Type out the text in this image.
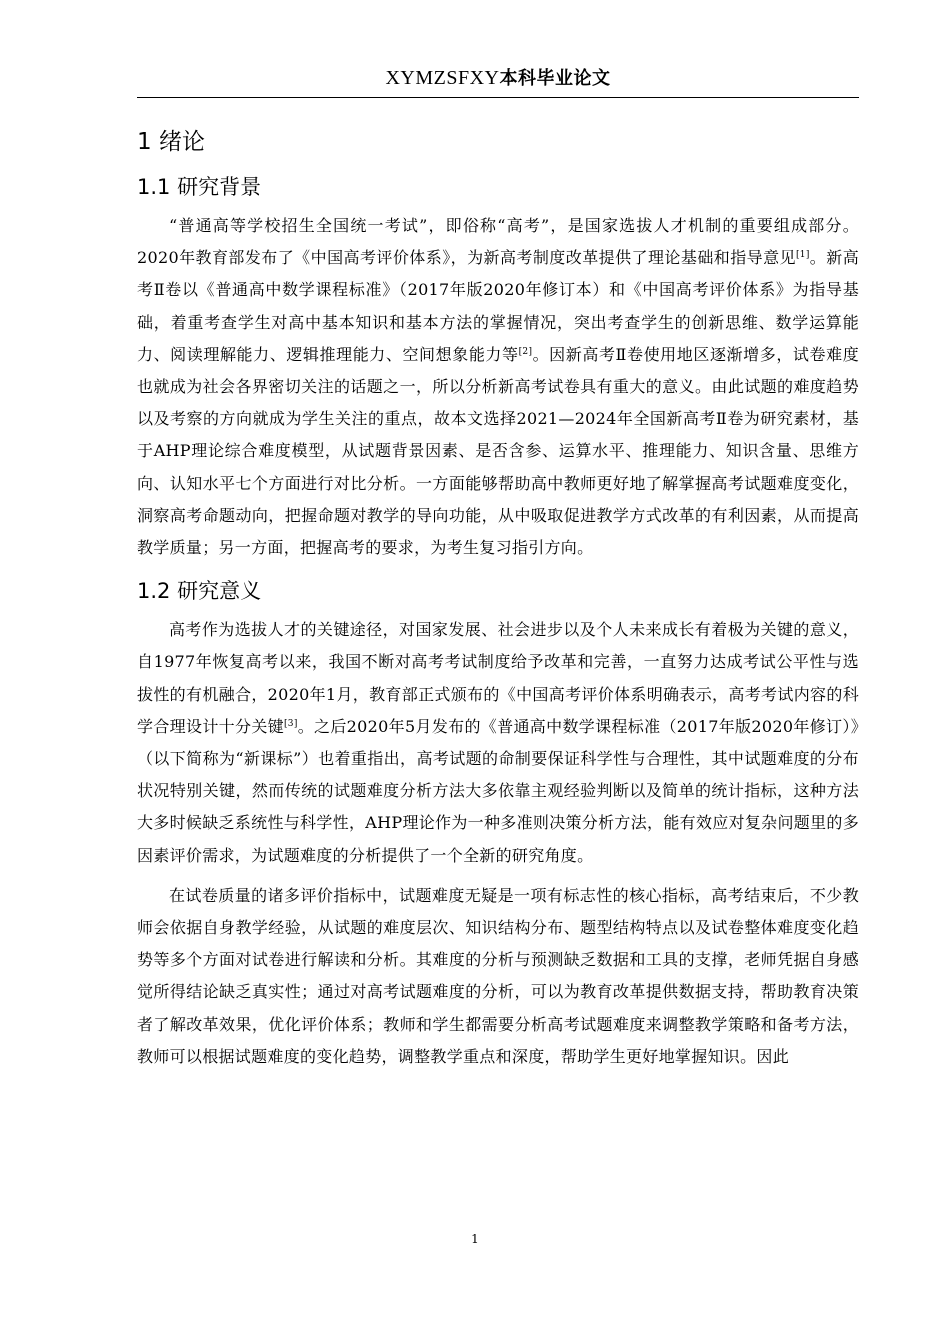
XYMZSFXY本科毕业论文
1 绪论
1.1 研究背景

“普通高等学校招生全国统一考试”，即俗称“高考”，是国家选拔人才机制的重要组成部分。2020年教育部发布了《中国高考评价体系》，为新高考制度改革提供了理论基础和指导意见[1]。新高考Ⅱ卷以《普通高中数学课程标准》（2017年版2020年修订本）和《中国高考评价体系》为指导基础，着重考查学生对高中基本知识和基本方法的掌握情况，突出考查学生的创新思维、数学运算能力、阅读理解能力、逻辑推理能力、空间想象能力等[2]。因新高考Ⅱ卷使用地区逐渐增多，试卷难度也就成为社会各界密切关注的话题之一，所以分析新高考试卷具有重大的意义。由此试题的难度趋势以及考察的方向就成为学生关注的重点，故本文选择2021—2024年全国新高考Ⅱ卷为研究素材，基于AHP理论综合难度模型，从试题背景因素、是否含参、运算水平、推理能力、知识含量、思维方向、认知水平七个方面进行对比分析。一方面能够帮助高中教师更好地了解掌握高考试题难度变化，洞察高考命题动向，把握命题对教学的导向功能，从中吸取促进教学方式改革的有利因素，从而提高教学质量；另一方面，把握高考的要求，为考生复习指引方向。

1.2 研究意义

高考作为选拔人才的关键途径，对国家发展、社会进步以及个人未来成长有着极为关键的意义，自1977年恢复高考以来，我国不断对高考考试制度给予改革和完善，一直努力达成考试公平性与选拔性的有机融合，2020年1月，教育部正式颁布的《中国高考评价体系明确表示，高考考试内容的科学合理设计十分关键[3]。之后2020年5月发布的《普通高中数学课程标准（2017年版2020年修订）》（以下简称为“新课标”）也着重指出，高考试题的命制要保证科学性与合理性，其中试题难度的分布状况特别关键，然而传统的试题难度分析方法大多依靠主观经验判断以及简单的统计指标，这种方法大多时候缺乏系统性与科学性，AHP理论作为一种多准则决策分析方法，能有效应对复杂问题里的多因素评价需求，为试题难度的分析提供了一个全新的研究角度。

在试卷质量的诸多评价指标中，试题难度无疑是一项有标志性的核心指标，高考结束后，不少教师会依据自身教学经验，从试题的难度层次、知识结构分布、题型结构特点以及试卷整体难度变化趋势等多个方面对试卷进行解读和分析。其难度的分析与预测缺乏数据和工具的支撑，老师凭据自身感觉所得结论缺乏真实性；通过对高考试题难度的分析，可以为教育改革提供数据支持，帮助教育决策者了解改革效果，优化评价体系；教师和学生都需要分析高考试题难度来调整教学策略和备考方法，教师可以根据试题难度的变化趋势，调整教学重点和深度，帮助学生更好地掌握知识。因此

1
